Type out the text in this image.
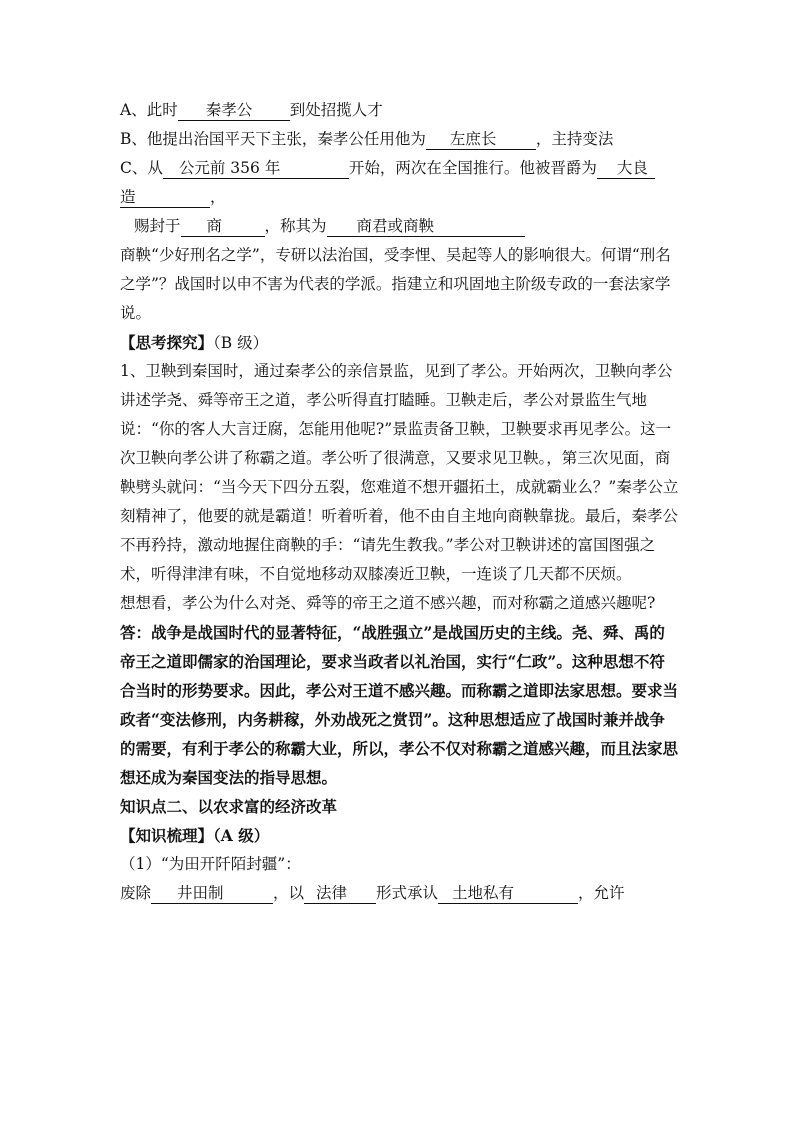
A、此时 秦孝公 到处招揽人才
B、他提出治国平天下主张，秦孝公任用他为 左庶长	，主持变法
C、从 公元前 356 年	开始，两次在全国推行。他被晋爵为 大良
造	，
赐封于 商	，称其为 商君或商鞅
商鞅“少好刑名之学”，专研以法治国，受李悝、吴起等人的影响很大。何谓“刑名之学”？战国时以申不害为代表的学派。指建立和巩固地主阶级专政的一套法家学说。
【思考探究】（B 级）
1、卫鞅到秦国时，通过秦孝公的亲信景监，见到了孝公。开始两次，卫鞅向孝公讲述学尧、舜等帝王之道，孝公听得直打瞌睡。卫鞅走后，孝公对景监生气地说：“你的客人大言迂腐，怎能用他呢?”景监责备卫鞅，卫鞅要求再见孝公。这一次卫鞅向孝公讲了称霸之道。孝公听了很满意，又要求见卫鞅。，第三次见面，商鞅劈头就问：“当今天下四分五裂，您难道不想开疆拓土，成就霸业么？”秦孝公立刻精神了，他要的就是霸道！听着听着，他不由自主地向商鞅靠拢。最后，秦孝公不再矜持，激动地握住商鞅的手：“请先生教我。”孝公对卫鞅讲述的富国图强之术，听得津津有味，不自觉地移动双膝凑近卫鞅，一连谈了几天都不厌烦。
想想看，孝公为什么对尧、舜等的帝王之道不感兴趣，而对称霸之道感兴趣呢?
答：战争是战国时代的显著特征，“战胜强立”是战国历史的主线。尧、舜、禹的帝王之道即儒家的治国理论，要求当政者以礼治国，实行“仁政”。这种思想不符合当时的形势要求。因此，孝公对王道不感兴趣。而称霸之道即法家思想。要求当政者“变法修刑，内务耕稼，外劝战死之赏罚”。这种思想适应了战国时兼并战争的需要，有利于孝公的称霸大业，所以，孝公不仅对称霸之道感兴趣，而且法家思想还成为秦国变法的指导思想。
知识点二、以农求富的经济改革
【知识梳理】（A 级）
（1）“为田开阡陌封疆”：
废除 井田制	，以 法律 形式承认 土地私有	，允许
